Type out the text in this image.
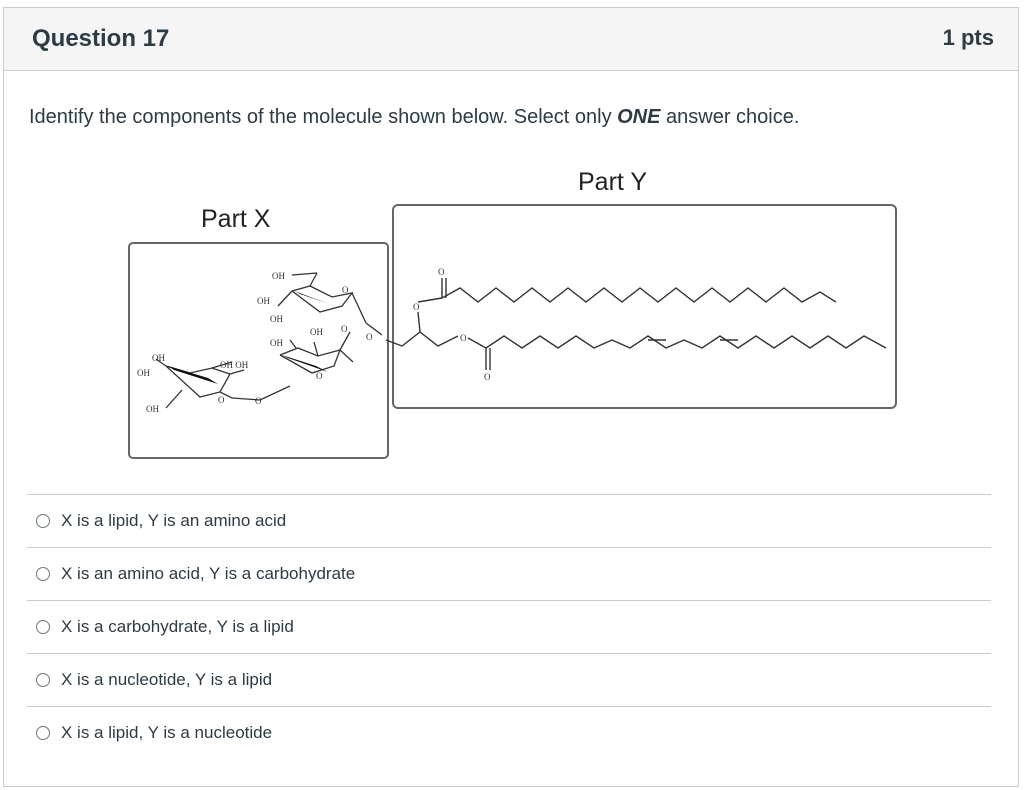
Question 17	1 pts
Identify the components of the molecule shown below. Select only ONE answer choice.
Part Y
Part X
OH
OH
OH
OH
OH
OH OH
OH
OH
OH
O
O
O
O	O
O
O
O
O
O
X is a lipid, Y is an amino acid
X is an amino acid, Y is a carbohydrate
X is a carbohydrate, Y is a lipid
X is a nucleotide, Y is a lipid
X is a lipid, Y is a nucleotide
